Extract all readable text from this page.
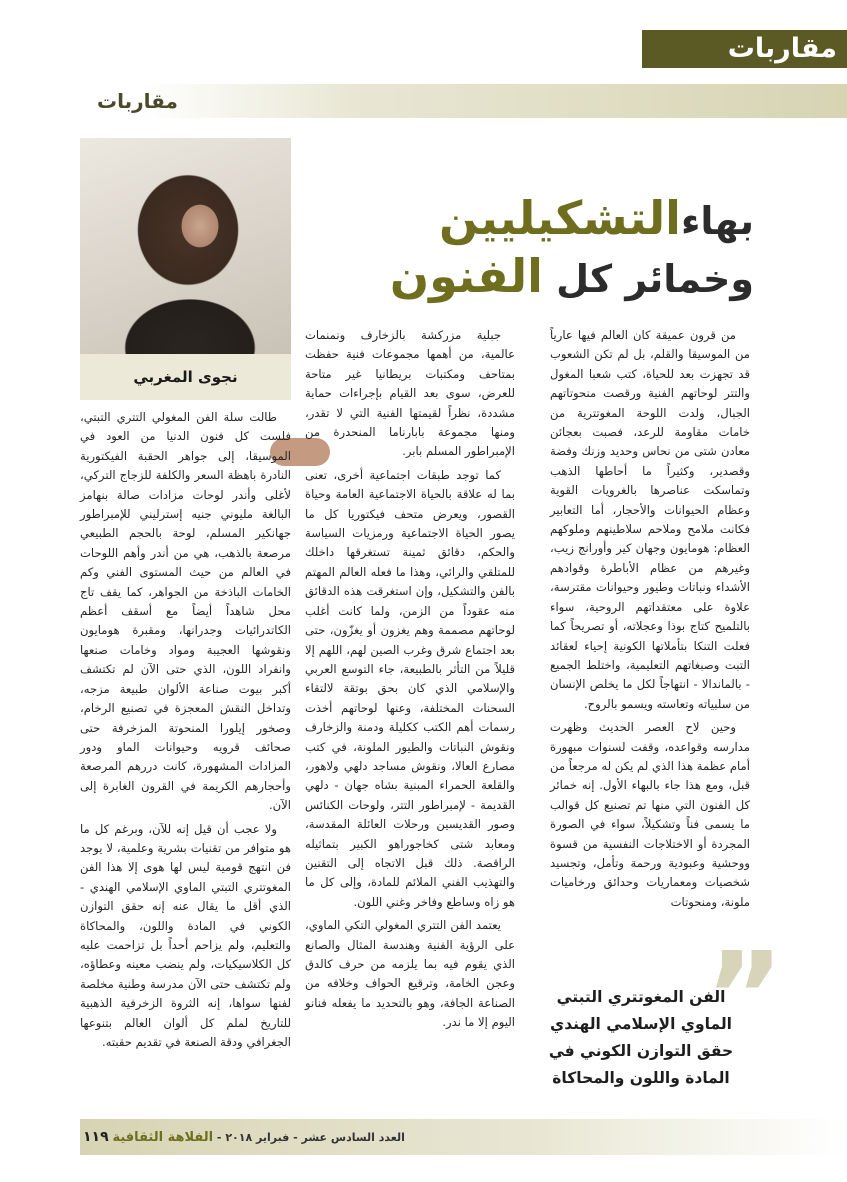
مقاربات
مقاربات
نجوى المغربي
بهاءالتشكيليين
وخمائر كل الفنون

من قرون عميقة كان العالم فيها عارياً من الموسيقا والقلم، بل لم تكن الشعوب قد تجهزت بعد للحياة، كتب شعبا المغول والتتر لوحاتهم الفنية ورقصت منحوتاتهم الجبال، ولدت اللوحة المغوتترية من خامات مقاومة للرعد، فصبت بعجائن معادن شتى من نحاس وحديد وزنك وفضة وقصدير، وكثيراً ما أحاطها الذهب وتماسكت عناصرها بالغرويات القوية وعظام الحيوانات والأحجار، أما التعابير فكانت ملامح وملاحم سلاطينهم وملوكهم العظام: هومايون وجهان كير وأورانج زيب، وغيرهم من عظام الأباطرة وقوادهم الأشداء ونباتات وطيور وحيوانات مقترسة، علاوة على معتقداتهم الروحية، سواء بالتلميح كتاج بوذا وعجلاته، أو تصريحاً كما فعلت التنكا بتأملاتها الكونية إحياء لعقائد التبت وصبغاتهم التعليمية، واختلط الجميع - بالماندالا - انتهاجاً لكل ما يخلص الإنسان من سلبياته وتعاسته ويسمو بالروح.

وحين لاح العصر الحديث وظهرت مدارسه وقواعده، وقفت لسنوات مبهورة أمام عظمة هذا الذي لم يكن له مرجعاً من قبل، ومع هذا جاء بالبهاء الأول. إنه خمائر كل الفنون التي منها تم تصنيع كل قوالب ما يسمى فناً وتشكيلاً، سواء في الصورة المجردة أو الاختلاجات النفسية من قسوة ووحشية وعبودية ورحمة وتأمل، وتجسيد شخصيات ومعماريات وحدائق ورخاميات ملونة، ومنحوتات

جبلية مزركشة بالزخارف ونمنمات عالمية، من أهمها مجموعات فنية حفظت بمتاحف ومكتبات بريطانيا غير متاحة للعرض، سوى بعد القيام بإجراءات حماية مشددة، نظراً لقيمتها الفنية التي لا تقدر، ومنها مجموعة بابارناما المنحدرة من الإمبراطور المسلم بابر.

كما توجد طبقات اجتماعية أخرى، تعنى بما له علاقة بالحياة الاجتماعية العامة وحياة القصور، ويعرض متحف فيكتوريا كل ما يصور الحياة الاجتماعية ورمزيات السياسة والحكم، دقائق ثمينة تستغرقها داخلك للمتلقي والرائي، وهذا ما فعله العالم المهتم بالفن والتشكيل، وإن استغرقت هذه الدقائق منه عقوداً من الزمن، ولما كانت أغلب لوحاتهم مصممة وهم يغزون أو يغزّون، حتى بعد اجتماع شرق وغرب الصين لهم، اللهم إلا قليلاً من التأثر بالطبيعة، جاء التوسع العربي والإسلامي الذي كان بحق بوتقة لالتقاء السحنات المختلفة، وعنها لوحاتهم أخذت رسمات أهم الكتب ككليلة ودمنة والزخارف ونقوش النباتات والطيور الملونة، في كتب مصارع العالا، ونقوش مساجد دلهي ولاهور، والقلعة الحمراء المبنية بشاه جهان - دلهي القديمة - لإمبراطور التتر، ولوحات الكنائس وصور القديسين ورحلات العائلة المقدسة، ومعابد شتى كخاجوراهو الكبير بتماثيله الراقصة. ذلك قبل الاتجاه إلى التقنين والتهذيب الفني الملائم للمادة، وإلى كل ما هو زاه وساطع وفاخر وغني اللون.

يعتمد الفن التتري المغولي التكي الماوي، على الرؤية الفنية وهندسة المثال والصانع الذي يقوم فيه بما يلزمه من حرف كالدق وعجن الخامة، وترقيع الحواف وخلافه من الصناعة الجافة، وهو بالتحديد ما يفعله فنانو اليوم إلا ما ندر.

طالت سلة الفن المغولي التتري التبتي، فلست كل فنون الدنيا من العود في الموسيقا، إلى جواهر الحقبة الفيكتورية النادرة باهظة السعر والكلفة للزجاج التركي، لأغلى وأندر لوحات مزادات صالة بنهامز البالغة مليوني جنيه إسترليني للإمبراطور جهانكير المسلم، لوحة بالحجم الطبيعي مرصعة بالذهب، هي من أندر وأهم اللوحات في العالم من حيث المستوى الفني وكم الخامات الباذخة من الجواهر، كما يقف تاج محل شاهداً أيضاً مع أسقف أعظم الكاتدرائيات وجدرانها، ومقبرة هومايون ونقوشها العجيبة ومواد وخامات صنعها وانفراد اللون، الذي حتى الآن لم تكتشف أكبر بيوت صناعة الألوان طبيعة مزجه، وتداخل النقش المعجزة في تصنيع الرخام، وصخور إيلورا المنحوتة المزخرفة حتى صحائف قرويه وحيوانات الماو ودور المزادات المشهورة، كانت دررهم المرصعة وأحجارهم الكريمة في القرون الغابرة إلى الآن.

ولا عجب أن قيل إنه للآن، وبرغم كل ما هو متوافر من تقنيات بشرية وعلمية، لا يوجد فن انتهج قومية ليس لها هوى إلا هذا الفن المغوتتري التبتي الماوي الإسلامي الهندي - الذي أقل ما يقال عنه إنه حقق التوازن الكوني في المادة واللون، والمحاكاة والتعليم، ولم يزاحم أحداً بل تزاحمت عليه كل الكلاسيكيات، ولم ينضب معينه وعطاؤه، ولم تكتشف حتى الآن مدرسة وطنية مخلصة لفنها سواها، إنه الثروة الزخرفية الذهبية للتاريخ لملم كل ألوان العالم بتنوعها الجغرافي ودقة الصنعة في تقديم حقبته.	”
الفن المغوتتري التبتي
الماوي الإسلامي الهندي
حقق التوازن الكوني في
المادة واللون والمحاكاة
العدد السادس عشر - فبراير ٢٠١٨ - الفلاهة الثقافية ١١٩
